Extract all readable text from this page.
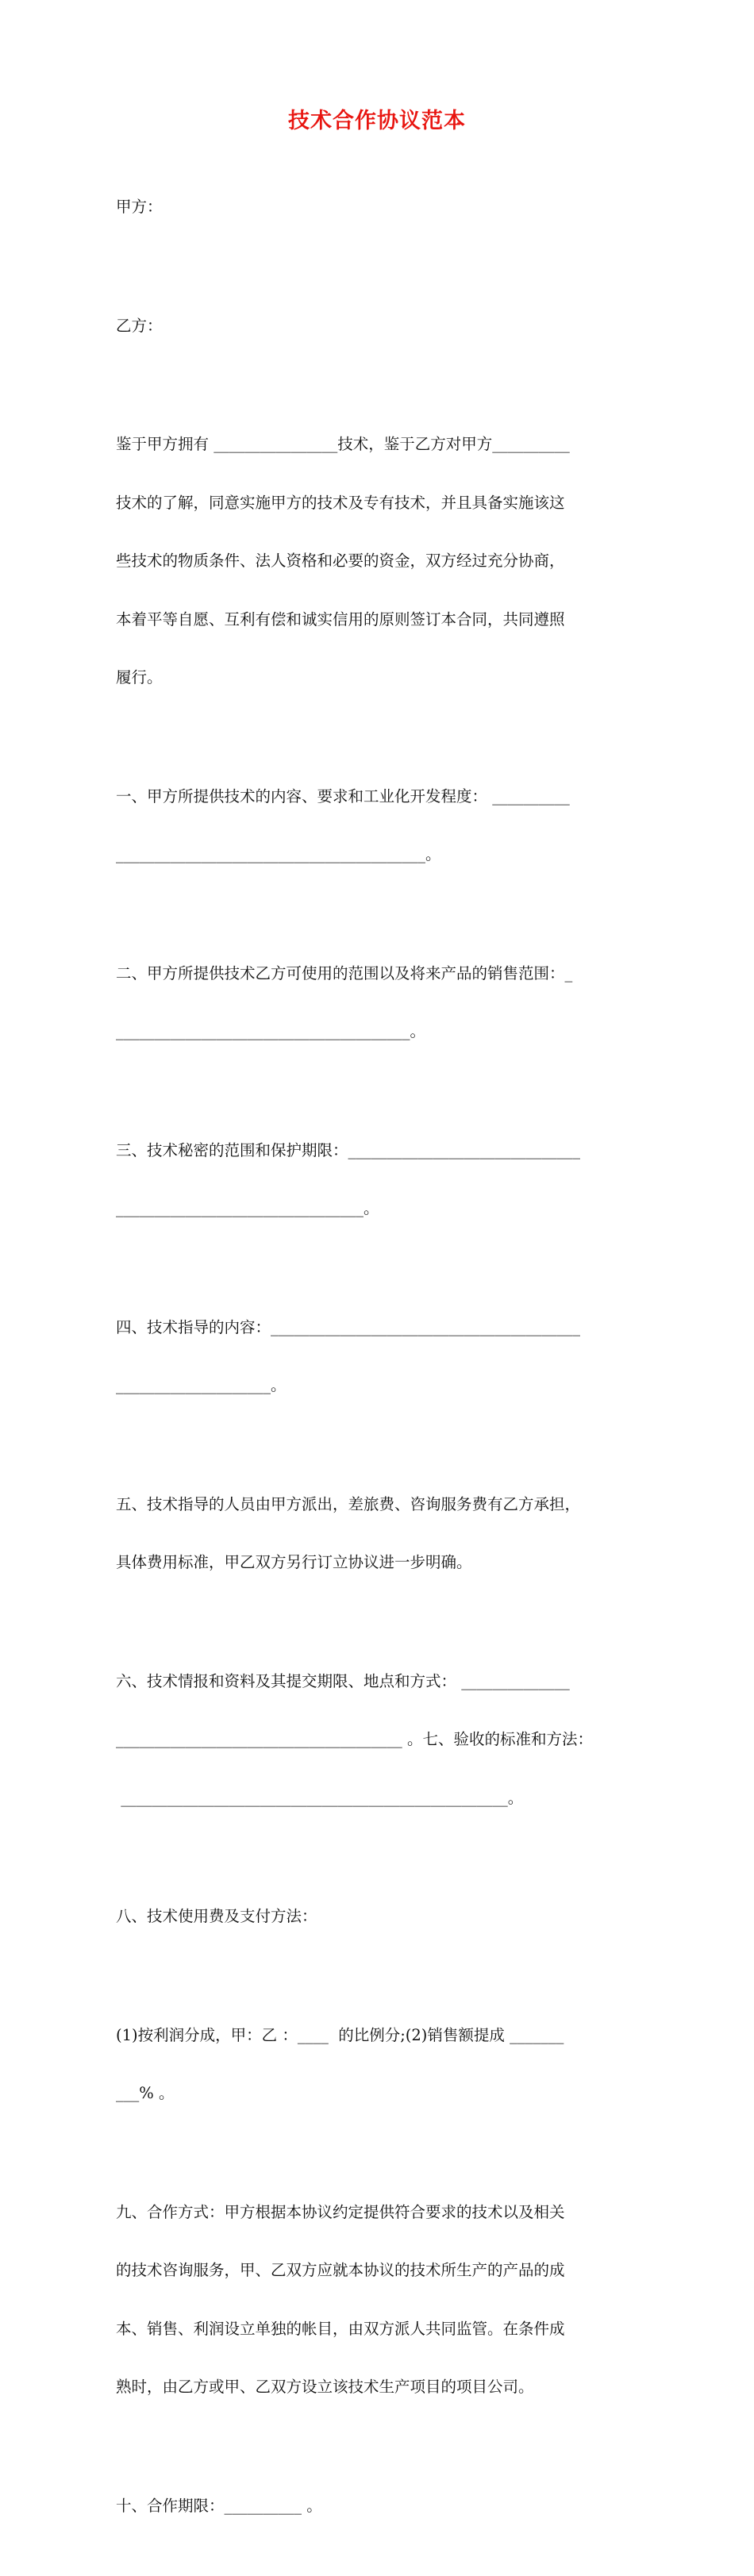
技术合作协议范本

甲方：

乙方：

鉴于甲方拥有 ________________技术，鉴于乙方对甲方__________

技术的了解，同意实施甲方的技术及专有技术，并且具备实施该这

些技术的物质条件、法人资格和必要的资金，双方经过充分协商，

本着平等自愿、互利有偿和诚实信用的原则签订本合同，共同遵照

履行。

一、甲方所提供技术的内容、要求和工业化开发程度： __________

________________________________________。

二、甲方所提供技术乙方可使用的范围以及将来产品的销售范围：_

______________________________________。

三、技术秘密的范围和保护期限：______________________________

________________________________。

四、技术指导的内容：________________________________________

____________________。

五、技术指导的人员由甲方派出，差旅费、咨询服务费有乙方承担，

具体费用标准，甲乙双方另行订立协议进一步明确。

六、技术情报和资料及其提交期限、地点和方式： ______________

_____________________________________ 。七、验收的标准和方法：

__________________________________________________。

八、技术使用费及支付方法：

(1)按利润分成，甲：乙 ：____  的比例分;(2)销售额提成 _______

___% 。

九、合作方式：甲方根据本协议约定提供符合要求的技术以及相关

的技术咨询服务，甲、乙双方应就本协议的技术所生产的产品的成

本、销售、利润设立单独的帐目，由双方派人共同监管。在条件成

熟时，由乙方或甲、乙双方设立该技术生产项目的项目公司。

十、合作期限：__________ 。
